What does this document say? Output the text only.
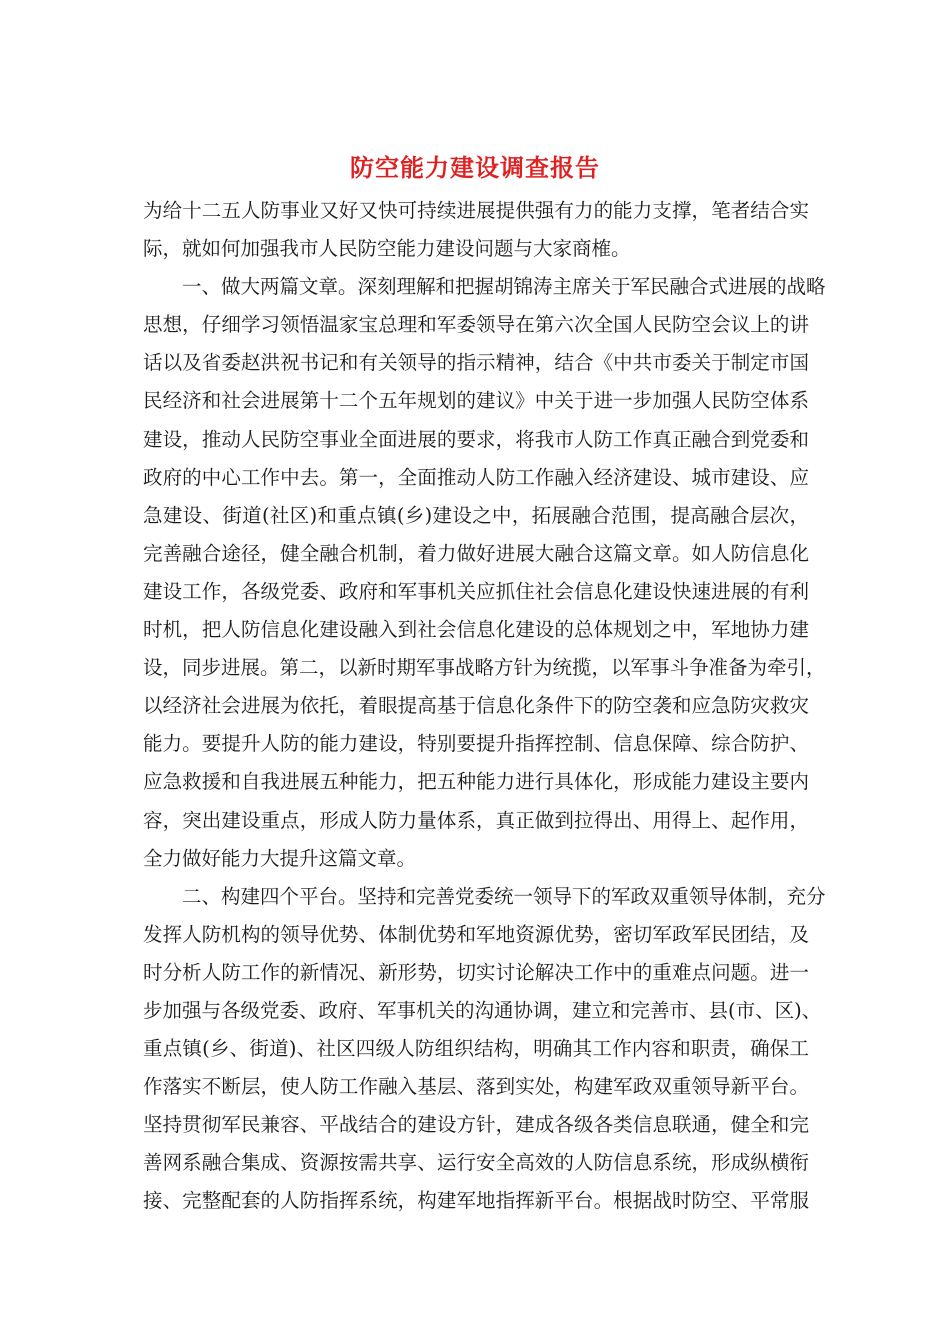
防空能力建设调查报告
为给十二五人防事业又好又快可持续进展提供强有力的能力支撑，笔者结合实
际，就如何加强我市人民防空能力建设问题与大家商榷。
一、做大两篇文章。深刻理解和把握胡锦涛主席关于军民融合式进展的战略
思想，仔细学习领悟温家宝总理和军委领导在第六次全国人民防空会议上的讲
话以及省委赵洪祝书记和有关领导的指示精神，结合《中共市委关于制定市国
民经济和社会进展第十二个五年规划的建议》中关于进一步加强人民防空体系
建设，推动人民防空事业全面进展的要求，将我市人防工作真正融合到党委和
政府的中心工作中去。第一，全面推动人防工作融入经济建设、城市建设、应
急建设、街道(社区)和重点镇(乡)建设之中，拓展融合范围，提高融合层次，
完善融合途径，健全融合机制，着力做好进展大融合这篇文章。如人防信息化
建设工作，各级党委、政府和军事机关应抓住社会信息化建设快速进展的有利
时机，把人防信息化建设融入到社会信息化建设的总体规划之中，军地协力建
设，同步进展。第二，以新时期军事战略方针为统揽，以军事斗争准备为牵引，
以经济社会进展为依托，着眼提高基于信息化条件下的防空袭和应急防灾救灾
能力。要提升人防的能力建设，特别要提升指挥控制、信息保障、综合防护、
应急救援和自我进展五种能力，把五种能力进行具体化，形成能力建设主要内
容，突出建设重点，形成人防力量体系，真正做到拉得出、用得上、起作用，
全力做好能力大提升这篇文章。
二、构建四个平台。坚持和完善党委统一领导下的军政双重领导体制，充分
发挥人防机构的领导优势、体制优势和军地资源优势，密切军政军民团结，及
时分析人防工作的新情况、新形势，切实讨论解决工作中的重难点问题。进一
步加强与各级党委、政府、军事机关的沟通协调，建立和完善市、县(市、区)、
重点镇(乡、街道)、社区四级人防组织结构，明确其工作内容和职责，确保工
作落实不断层，使人防工作融入基层、落到实处，构建军政双重领导新平台。
坚持贯彻军民兼容、平战结合的建设方针，建成各级各类信息联通，健全和完
善网系融合集成、资源按需共享、运行安全高效的人防信息系统，形成纵横衔
接、完整配套的人防指挥系统，构建军地指挥新平台。根据战时防空、平常服
